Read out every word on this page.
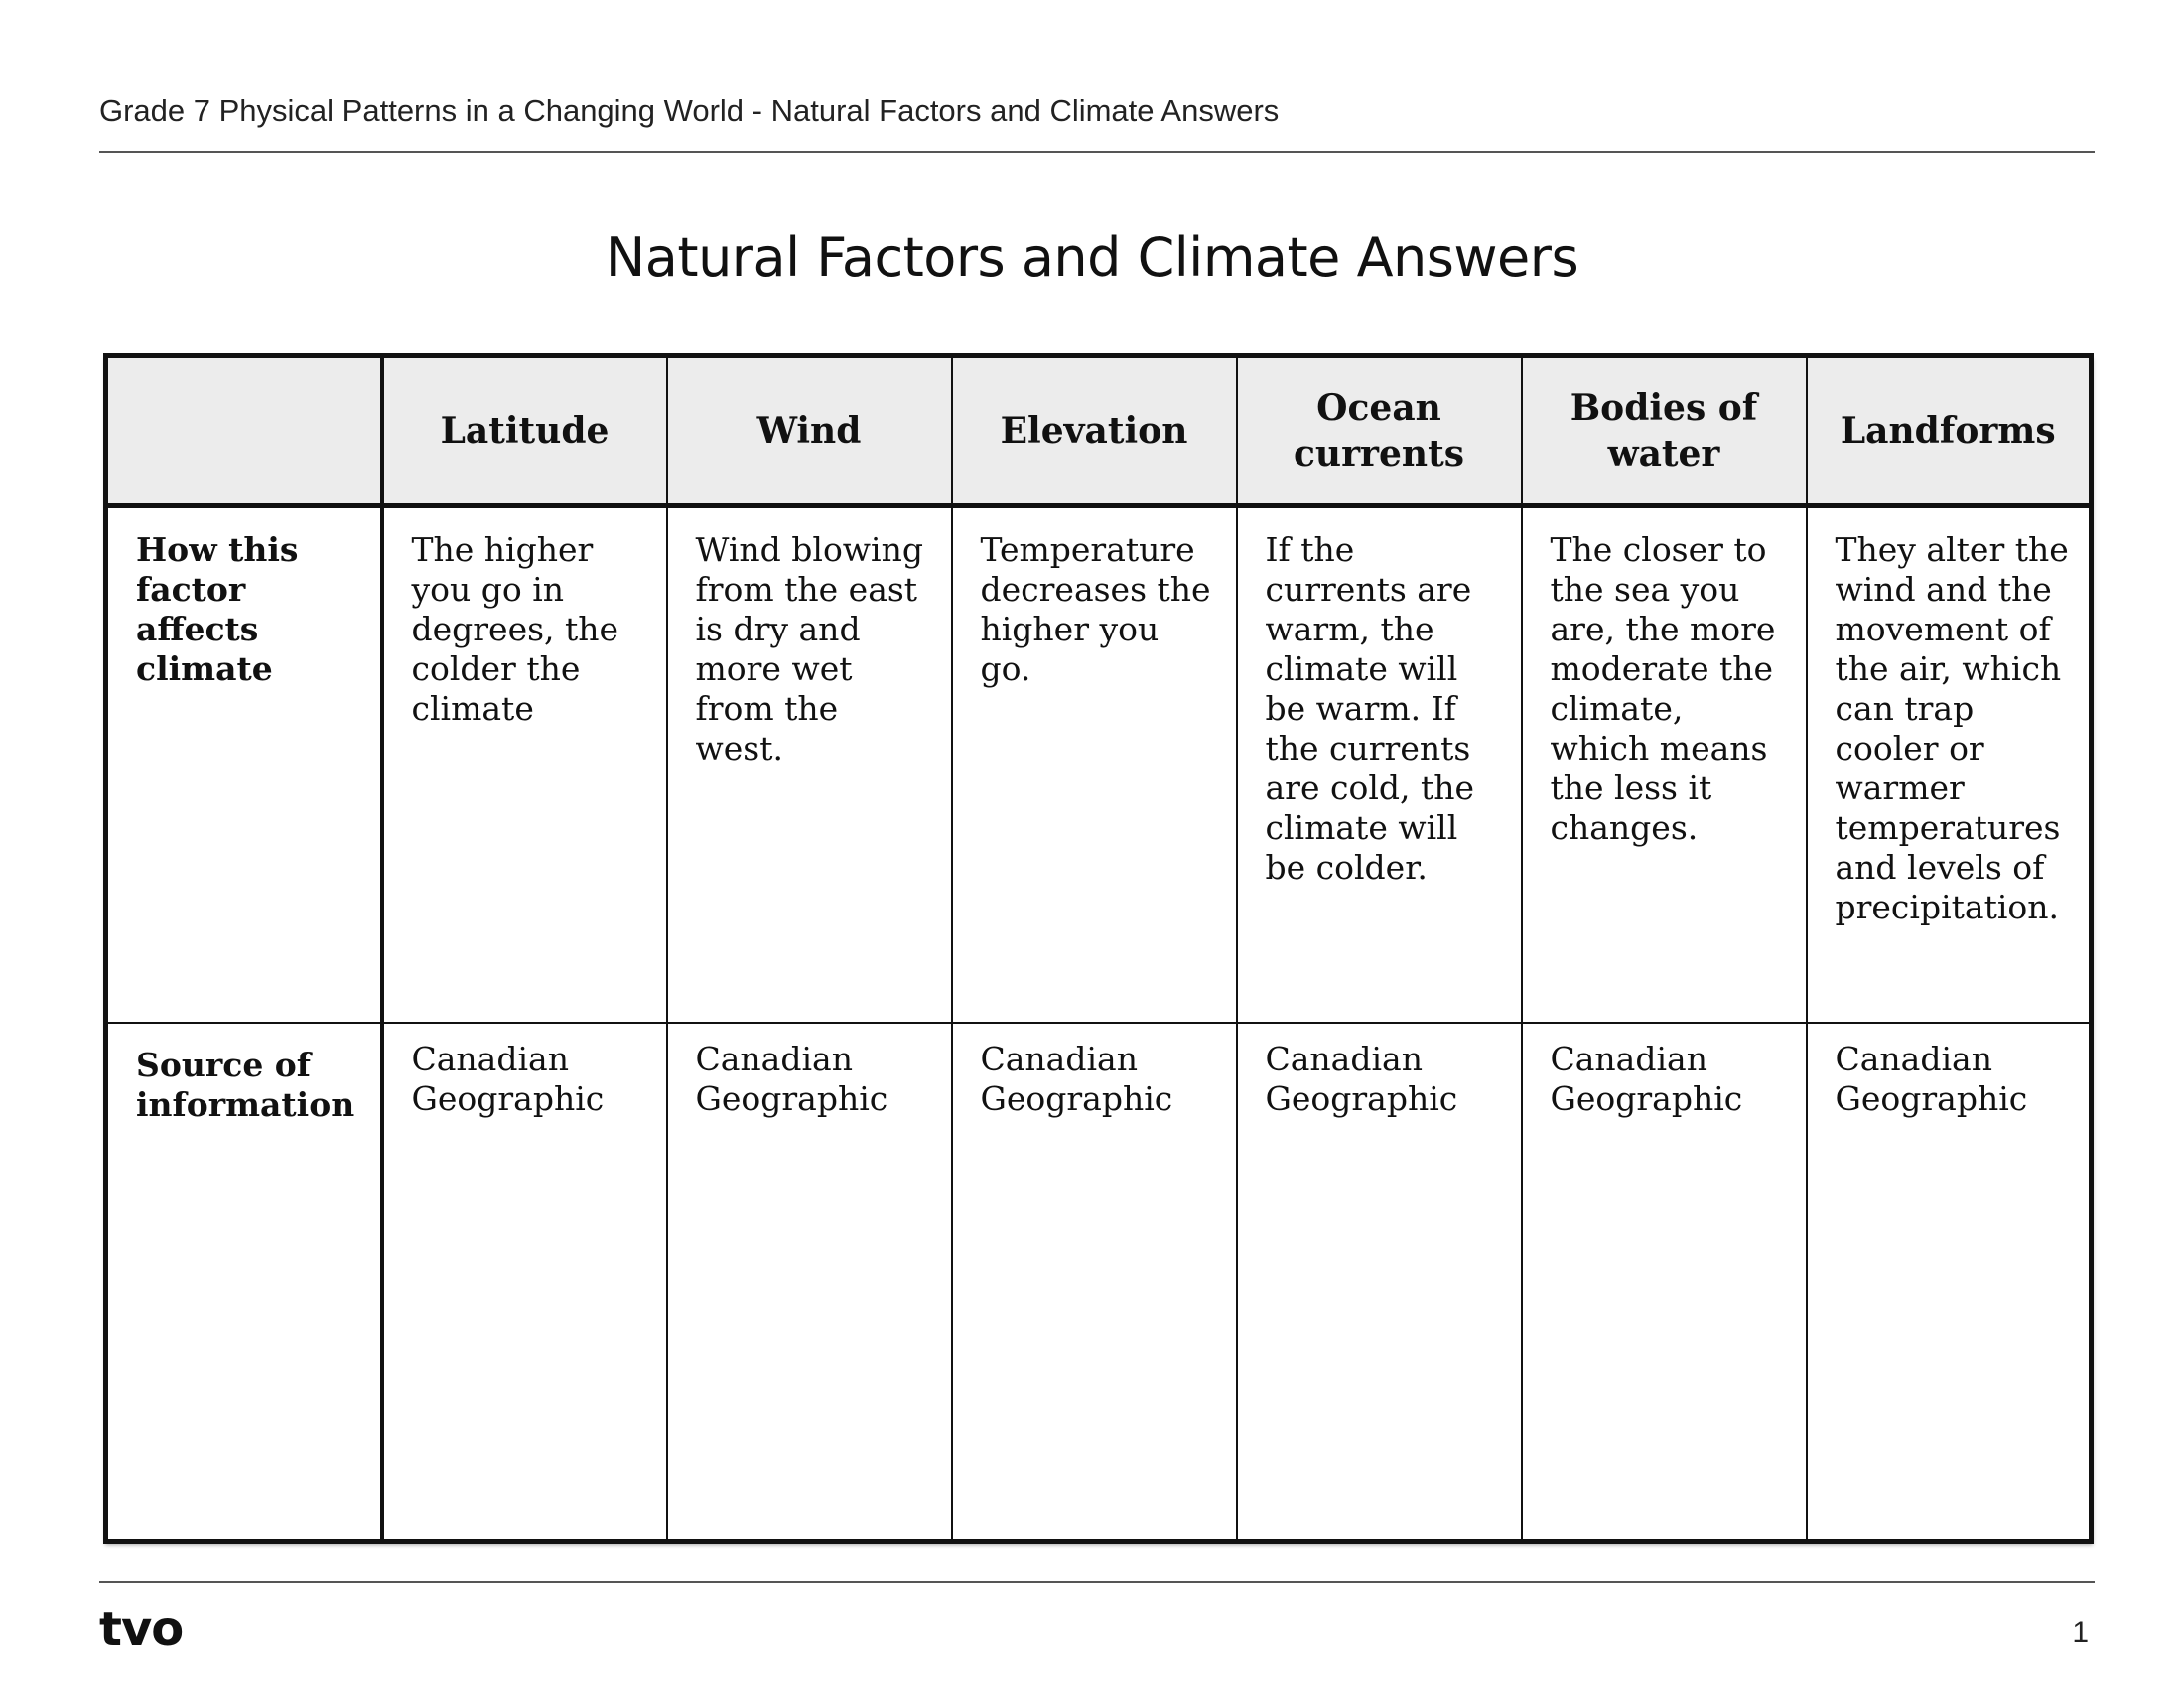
Grade 7 Physical Patterns in a Changing World - Natural Factors and Climate Answers
Natural Factors and Climate Answers
	Latitude	Wind	Elevation	Ocean currents	Bodies of water	Landforms
How this factor affects climate	The higher you go in degrees, the colder the climate	Wind blowing from the east is dry and more wet from the west.	Temperature decreases the higher you go.	If the currents are warm, the climate will be warm. If the currents are cold, the climate will be colder.	The closer to the sea you are, the more moderate the climate, which means the less it changes.	They alter the wind and the movement of the air, which can trap cooler or warmer temperatures and levels of precipitation.
Source of information	Canadian Geographic	Canadian Geographic	Canadian Geographic	Canadian Geographic	Canadian Geographic	Canadian Geographic
tvo	1
